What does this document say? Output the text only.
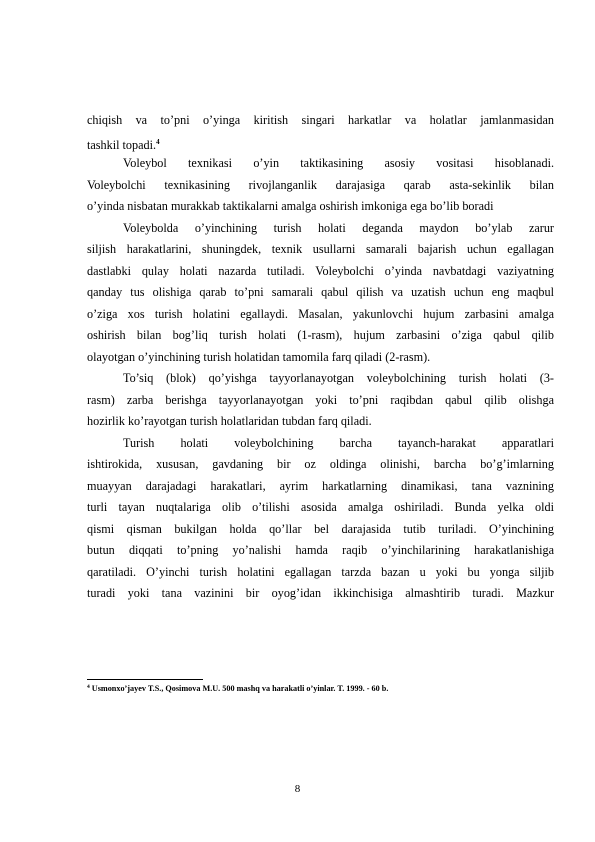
chiqish va to’pni o’yinga kiritish singari harkatlar va holatlar jamlanmasidan
tashkil topadi.$^4$
Voleybol texnikasi o’yin taktikasining asosiy vositasi hisoblanadi.
Voleybolchi texnikasining rivojlanganlik darajasiga qarab asta-sekinlik bilan
o’yinda nisbatan murakkab taktikalarni amalga oshirish imkoniga ega bo’lib boradi
Voleybolda o’yinchining turish holati deganda maydon bo’ylab zarur
siljish harakatlarini, shuningdek, texnik usullarni samarali bajarish uchun egallagan
dastlabki qulay holati nazarda tutiladi. Voleybolchi o’yinda navbatdagi vaziyatning
qanday tus olishiga qarab to’pni samarali qabul qilish va uzatish uchun eng maqbul
o’ziga xos turish holatini egallaydi. Masalan, yakunlovchi hujum zarbasini amalga
oshirish bilan bog’liq turish holati (1-rasm), hujum zarbasini o’ziga qabul qilib
olayotgan o’yinchining turish holatidan tamomila farq qiladi (2-rasm).
To’siq (blok) qo’yishga tayyorlanayotgan voleybolchining turish holati (3-
rasm) zarba berishga tayyorlanayotgan yoki to’pni raqibdan qabul qilib olishga
hozirlik ko’rayotgan turish holatlaridan tubdan farq qiladi.
Turish holati voleybolchining barcha tayanch-harakat apparatlari
ishtirokida, xususan, gavdaning bir oz oldinga olinishi, barcha bo’g’imlarning
muayyan darajadagi harakatlari, ayrim harkatlarning dinamikasi, tana vaznining
turli tayan nuqtalariga olib o’tilishi asosida amalga oshiriladi. Bunda yelka oldi
qismi qisman bukilgan holda qo’llar bel darajasida tutib turiladi. O’yinchining
butun diqqati to’pning yo’nalishi hamda raqib o’yinchilarining harakatlanishiga
qaratiladi. O’yinchi turish holatini egallagan tarzda bazan u yoki bu yonga siljib
turadi yoki tana vazinini bir oyog’idan ikkinchisiga almashtirib turadi. Mazkur
$^4$ Usmonxo’jayev T.S., Qosimova M.U. 500 mashq va harakatli o’yinlar. T. 1999. - 60 b.
8
